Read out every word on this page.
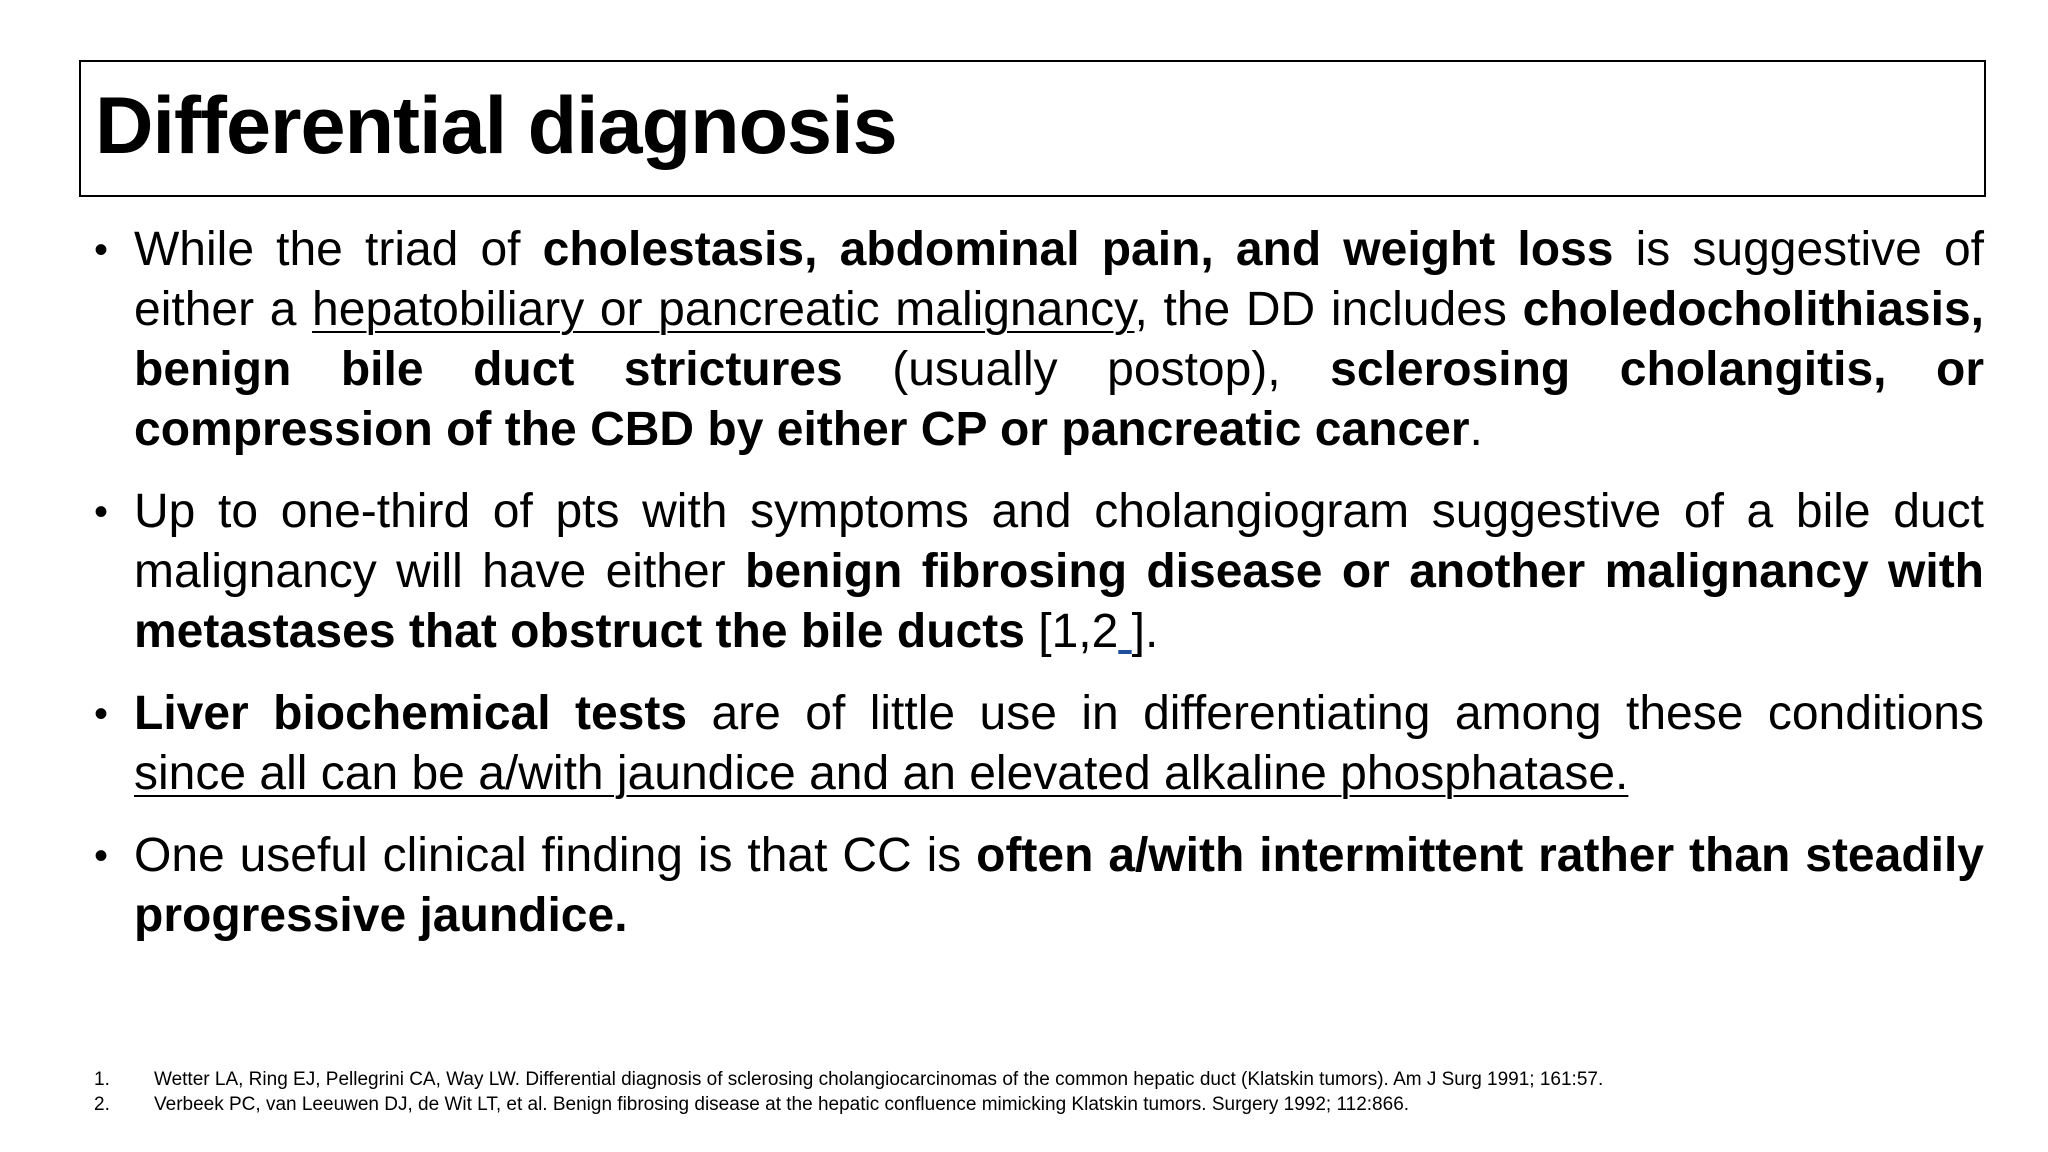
Differential diagnosis
• While the triad of cholestasis, abdominal pain, and weight loss is suggestive of either a hepatobiliary or pancreatic malignancy, the DD includes choledocholithiasis, benign bile duct strictures (usually postop), sclerosing cholangitis, or compression of the CBD by either CP or pancreatic cancer.
• Up to one-third of pts with symptoms and cholangiogram suggestive of a bile duct malignancy will have either benign fibrosing disease or another malignancy with metastases that obstruct the bile ducts [1,2 ].
• Liver biochemical tests are of little use in differentiating among these conditions since all can be a/with jaundice and an elevated alkaline phosphatase.
• One useful clinical finding is that CC is often a/with intermittent rather than steadily progressive jaundice.
1.	Wetter LA, Ring EJ, Pellegrini CA, Way LW. Differential diagnosis of sclerosing cholangiocarcinomas of the common hepatic duct (Klatskin tumors). Am J Surg 1991; 161:57.
2.	Verbeek PC, van Leeuwen DJ, de Wit LT, et al. Benign fibrosing disease at the hepatic confluence mimicking Klatskin tumors. Surgery 1992; 112:866.
